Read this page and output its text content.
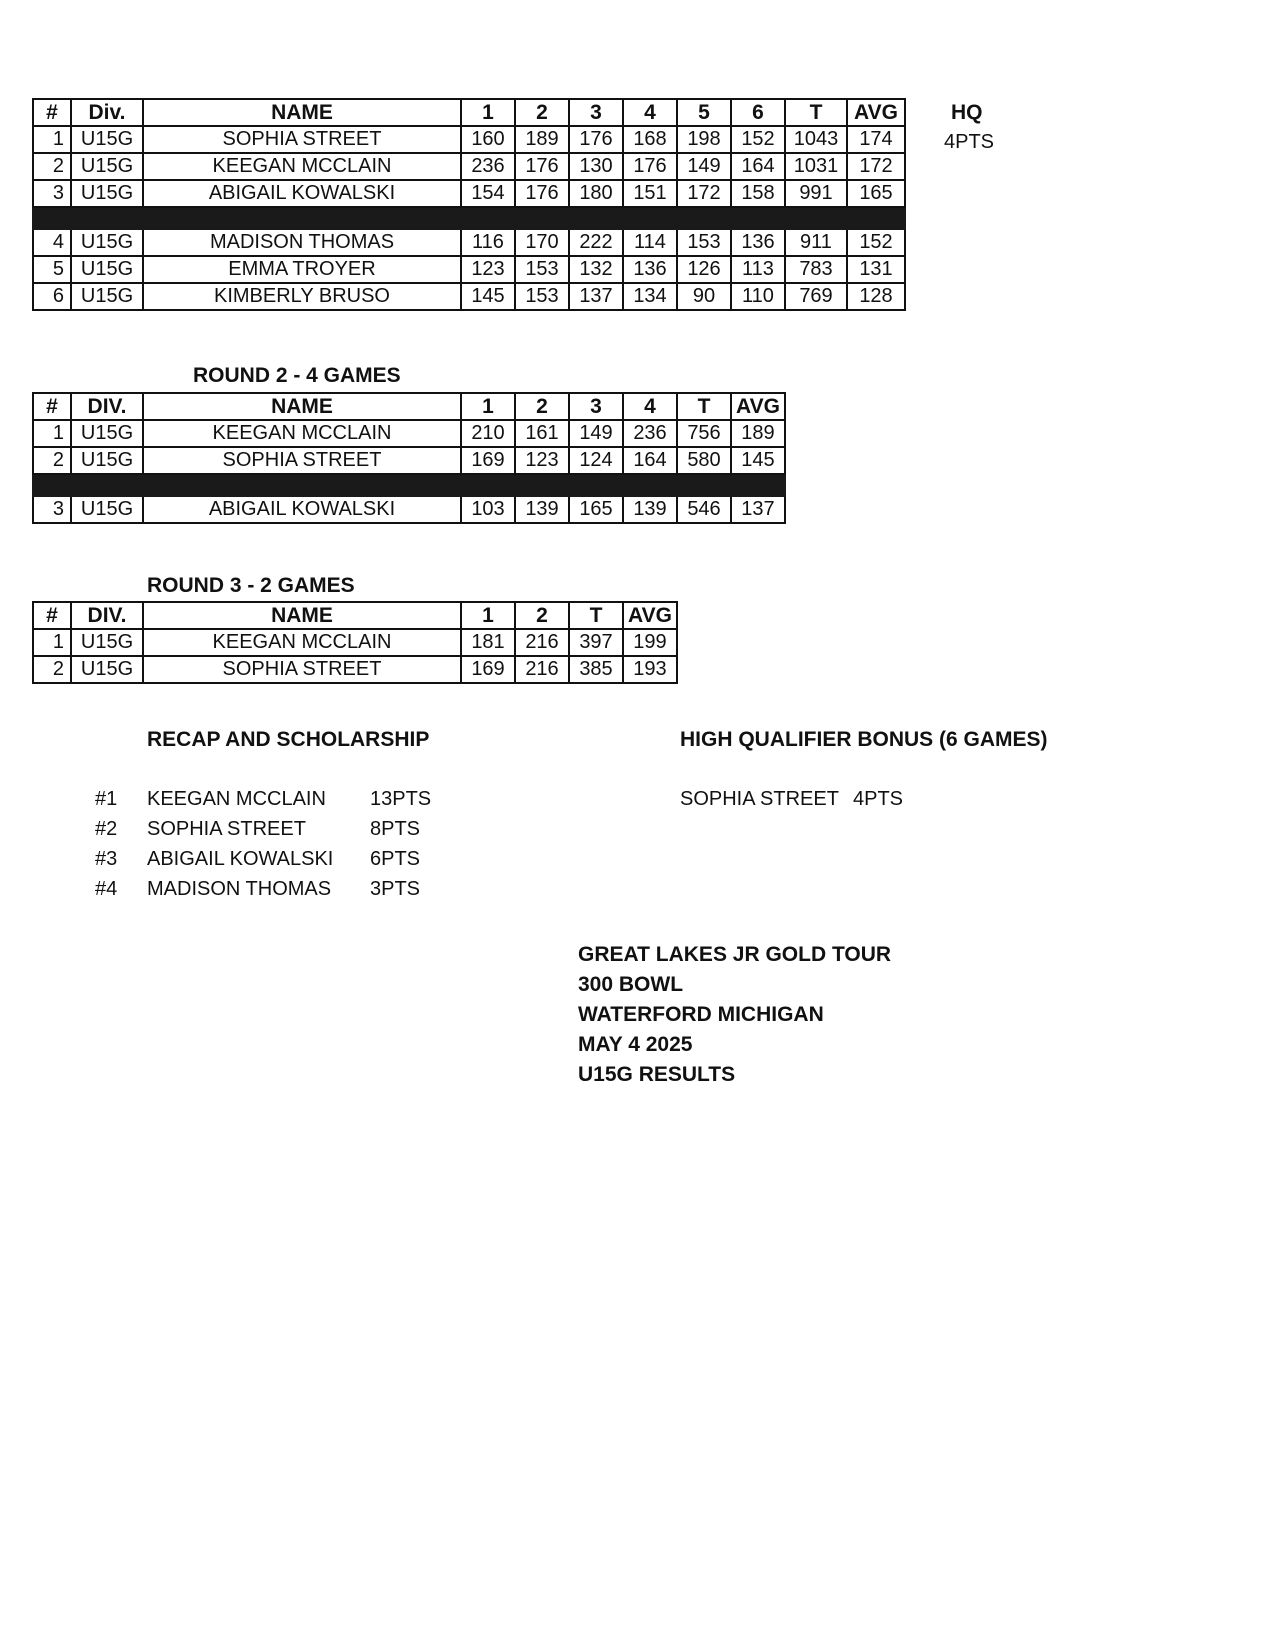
#	Div.	NAME	1	2	3	4	5	6	T	AVG
1	U15G	SOPHIA STREET	160	189	176	168	198	152	1043	174
2	U15G	KEEGAN MCCLAIN	236	176	130	176	149	164	1031	172
3	U15G	ABIGAIL KOWALSKI	154	176	180	151	172	158	991	165

4	U15G	MADISON THOMAS	116	170	222	114	153	136	911	152
5	U15G	EMMA TROYER	123	153	132	136	126	113	783	131
6	U15G	KIMBERLY BRUSO	145	153	137	134	90	110	769	128
HQ
4PTS
ROUND 2 - 4 GAMES
#	DIV.	NAME	1	2	3	4	T	AVG
1	U15G	KEEGAN MCCLAIN	210	161	149	236	756	189
2	U15G	SOPHIA STREET	169	123	124	164	580	145

3	U15G	ABIGAIL KOWALSKI	103	139	165	139	546	137
ROUND 3 - 2 GAMES
#	DIV.	NAME	1	2	T	AVG
1	U15G	KEEGAN MCCLAIN	181	216	397	199
2	U15G	SOPHIA STREET	169	216	385	193
RECAP AND SCHOLARSHIP
#1 KEEGAN MCCLAIN 13PTS
#2 SOPHIA STREET	8PTS
#3 ABIGAIL KOWALSKI 6PTS
#4 MADISON THOMAS 3PTS
HIGH QUALIFIER BONUS (6 GAMES)
SOPHIA STREET 4PTS
GREAT LAKES JR GOLD TOUR
300 BOWL
WATERFORD MICHIGAN
MAY 4 2025
U15G RESULTS
